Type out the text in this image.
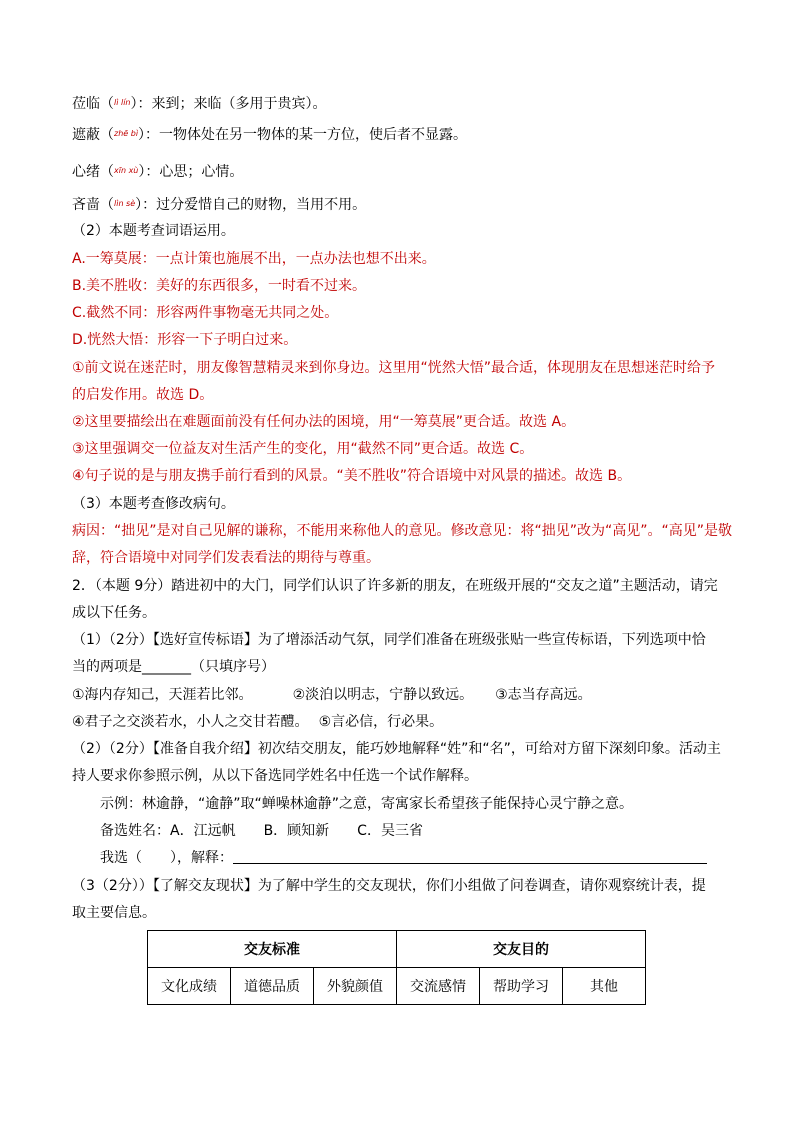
莅临（$^{lì lín}$）：来到；来临（多用于贵宾）。
遮蔽（$^{zhē bì}$）：一物体处在另一物体的某一方位，使后者不显露。
心绪（$^{xīn xù}$）：心思；心情。
吝啬（$^{lìn sè}$）：过分爱惜自己的财物，当用不用。
（2）本题考查词语运用。
A.一筹莫展：一点计策也施展不出，一点办法也想不出来。
B.美不胜收：美好的东西很多，一时看不过来。
C.截然不同：形容两件事物毫无共同之处。
D.恍然大悟：形容一下子明白过来。
①前文说在迷茫时，朋友像智慧精灵来到你身边。这里用“恍然大悟”最合适，体现朋友在思想迷茫时给予
的启发作用。故选 D。
②这里要描绘出在难题面前没有任何办法的困境，用“一筹莫展”更合适。故选 A。
③这里强调交一位益友对生活产生的变化，用“截然不同”更合适。故选 C。
④句子说的是与朋友携手前行看到的风景。“美不胜收”符合语境中对风景的描述。故选 B。
（3）本题考查修改病句。
病因：“拙见”是对自己见解的谦称，不能用来称他人的意见。修改意见：将“拙见”改为“高见”。“高见”是敬
辞，符合语境中对同学们发表看法的期待与尊重。
2．（本题 9分）踏进初中的大门，同学们认识了许多新的朋友，在班级开展的“交友之道”主题活动，请完
成以下任务。
（1）（2分）【选好宣传标语】为了增添活动气氛，同学们准备在班级张贴一些宣传标语，下列选项中恰
当的两项是_______（只填序号）
①海内存知己，天涯若比邻。	②淡泊以明志，宁静以致远。 ③志当存高远。
④君子之交淡若水，小人之交甘若醴。 ⑤言必信，行必果。
（2）（2分）【准备自我介绍】初次结交朋友，能巧妙地解释“姓”和“名”，可给对方留下深刻印象。活动主
持人要求你参照示例，从以下备选同学姓名中任选一个试作解释。
示例：林逾静，“逾静”取“蝉噪林逾静”之意，寄寓家长希望孩子能保持心灵宁静之意。
备选姓名：A．江远帆　　B．顾知新　　C．吴三省
我选（　　），解释：
（3（2分））【了解交友现状】为了解中学生的交友现状，你们小组做了问卷调查，请你观察统计表，提
取主要信息。
交友标准			交友目的		
文化成绩	道德品质	外貌颜值	交流感情	帮助学习	其他
